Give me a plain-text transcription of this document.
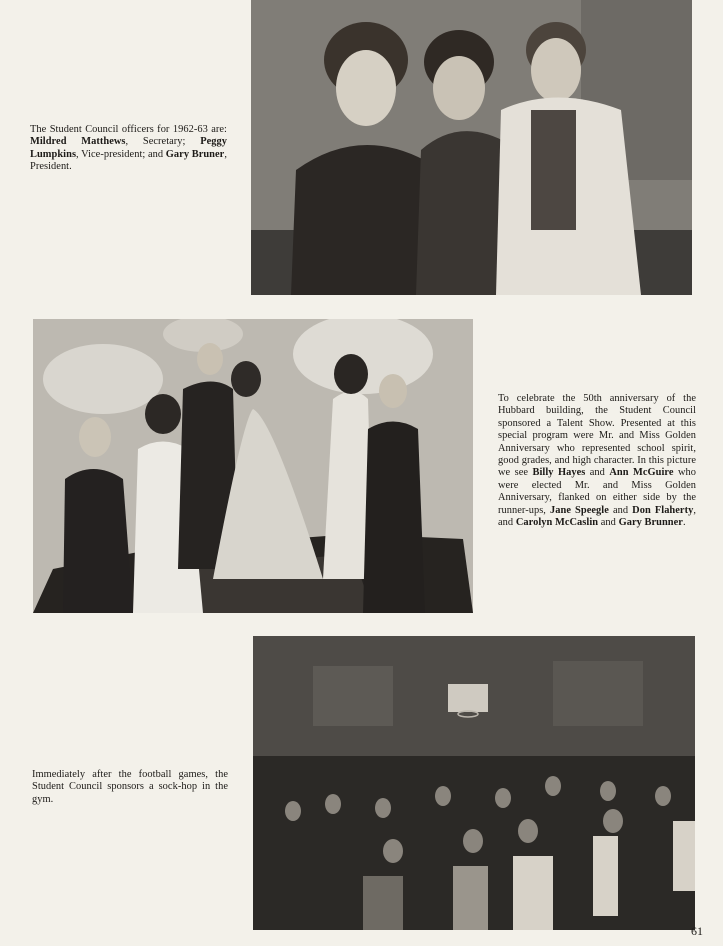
The Student Council officers for 1962-63 are: Mildred Matthews, Secretary; Peggy Lumpkins, Vice-president; and Gary Bruner, President.
To celebrate the 50th anniversary of the Hubbard building, the Student Council sponsored a Talent Show. Presented at this special program were Mr. and Miss Golden Anniversary who represented school spirit, good grades, and high character. In this picture we see Billy Hayes and Ann McGuire who were elected Mr. and Miss Golden Anniversary, flanked on either side by the runner-ups, Jane Speegle and Don Flaherty, and Carolyn McCaslin and Gary Brunner.
Immediately after the football games, the Student Council sponsors a sock-hop in the gym.
61
